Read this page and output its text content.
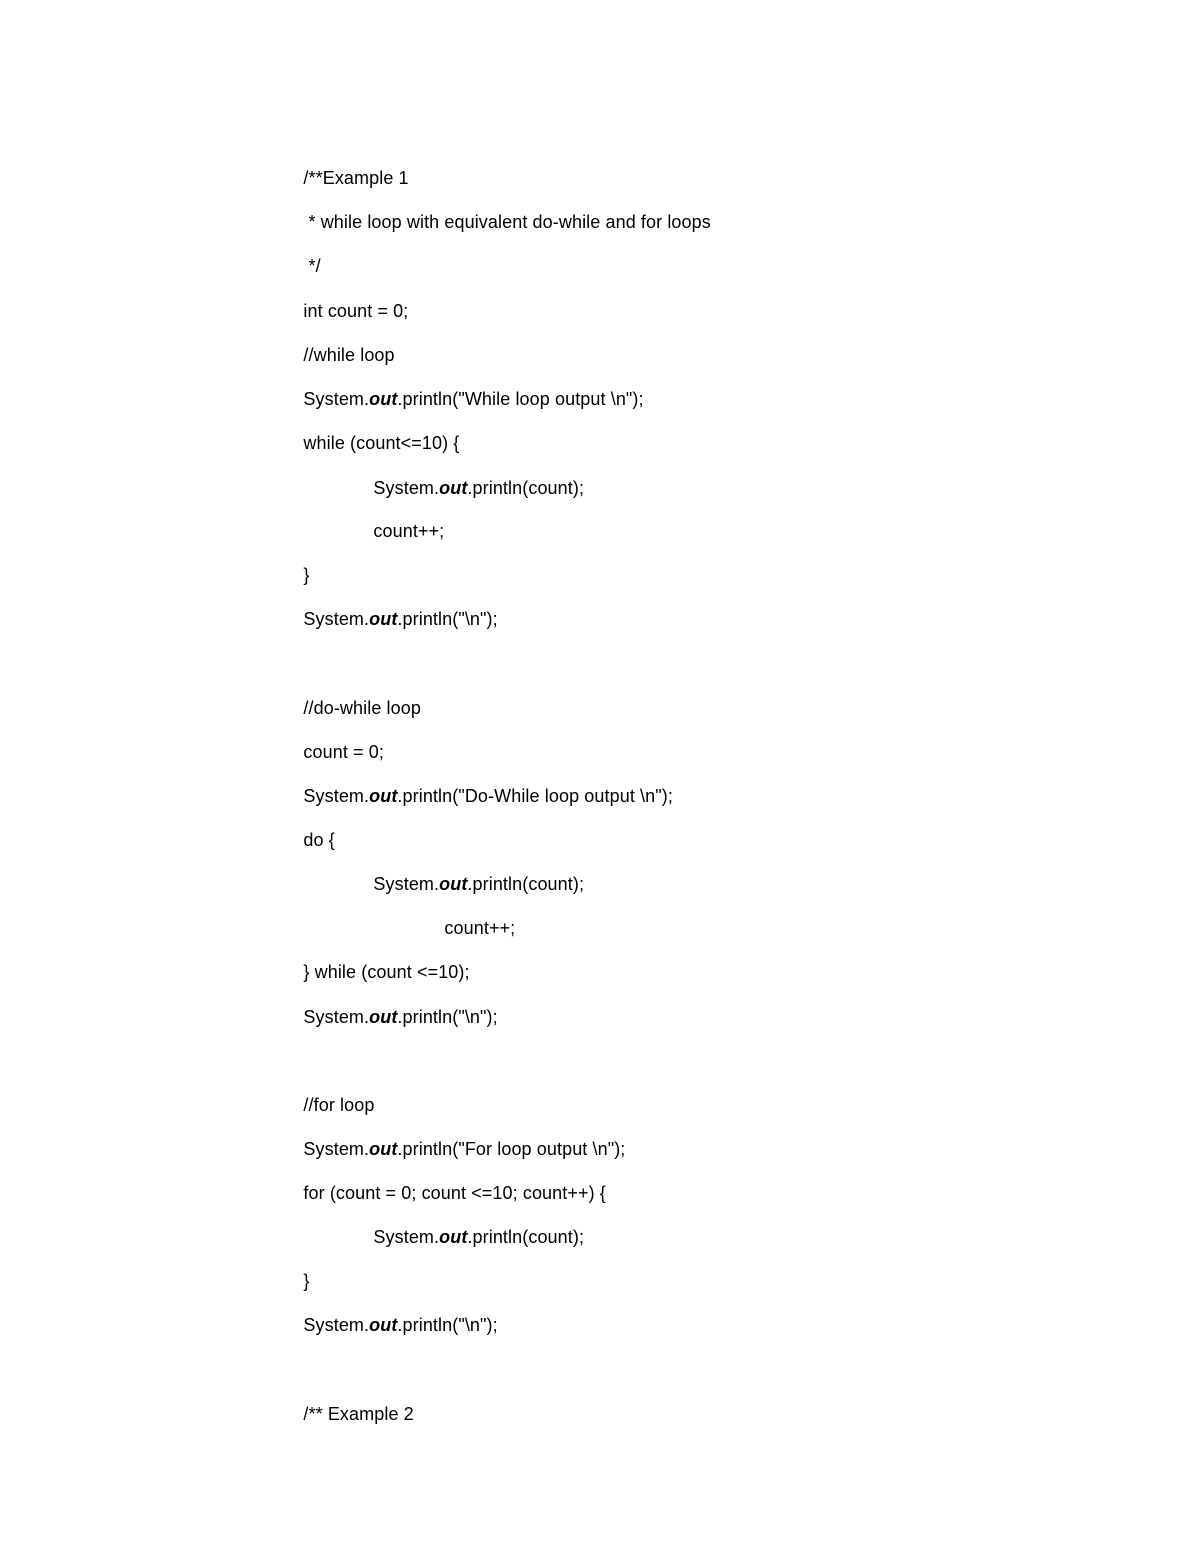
/**Example 1

* while loop with equivalent do-while and for loops

*/

int count = 0;

//while loop

System.out.println("While loop output \n");

while (count<=10) {

System.out.println(count);

count++;

}

System.out.println("\n");

//do-while loop

count = 0;

System.out.println("Do-While loop output \n");

do {

System.out.println(count);

count++;

} while (count <=10);

System.out.println("\n");

//for loop

System.out.println("For loop output \n");

for (count = 0; count <=10; count++) {

System.out.println(count);

}

System.out.println("\n");

/** Example 2
